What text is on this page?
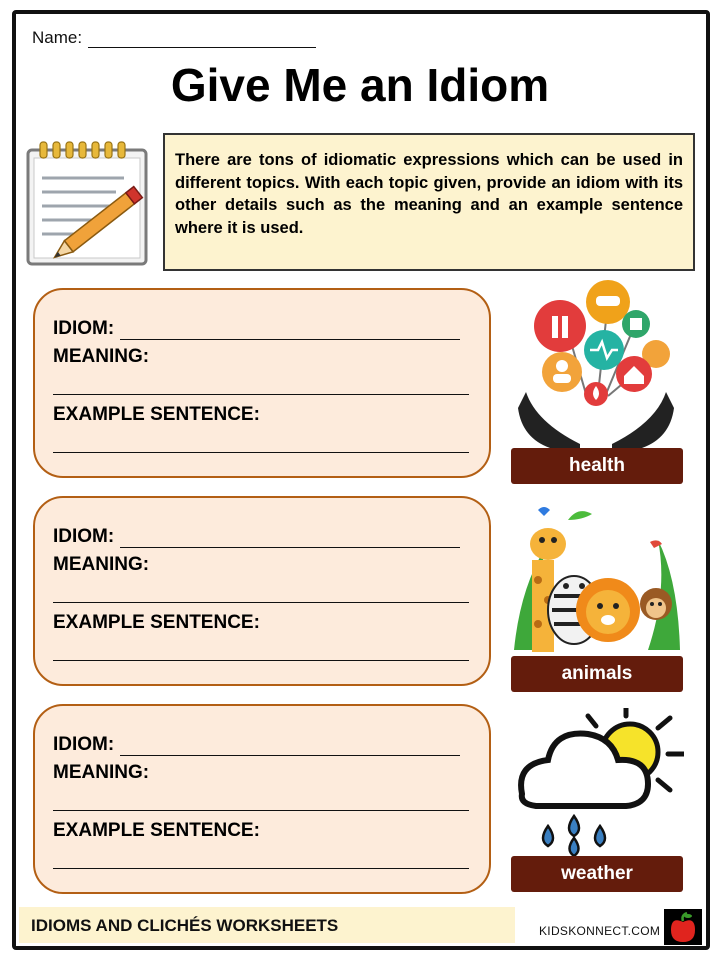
Name:
Give Me an Idiom
There are tons of idiomatic expressions which can be used in different topics. With each topic given, provide an idiom with its other details such as the meaning and an example sentence where it is used.
IDIOM:
MEANING:
EXAMPLE SENTENCE:
IDIOM:
MEANING:
EXAMPLE SENTENCE:
IDIOM:
MEANING:
EXAMPLE SENTENCE:
health
animals
weather
IDIOMS AND CLICHÉS WORKSHEETS	KIDSKONNECT.COM
